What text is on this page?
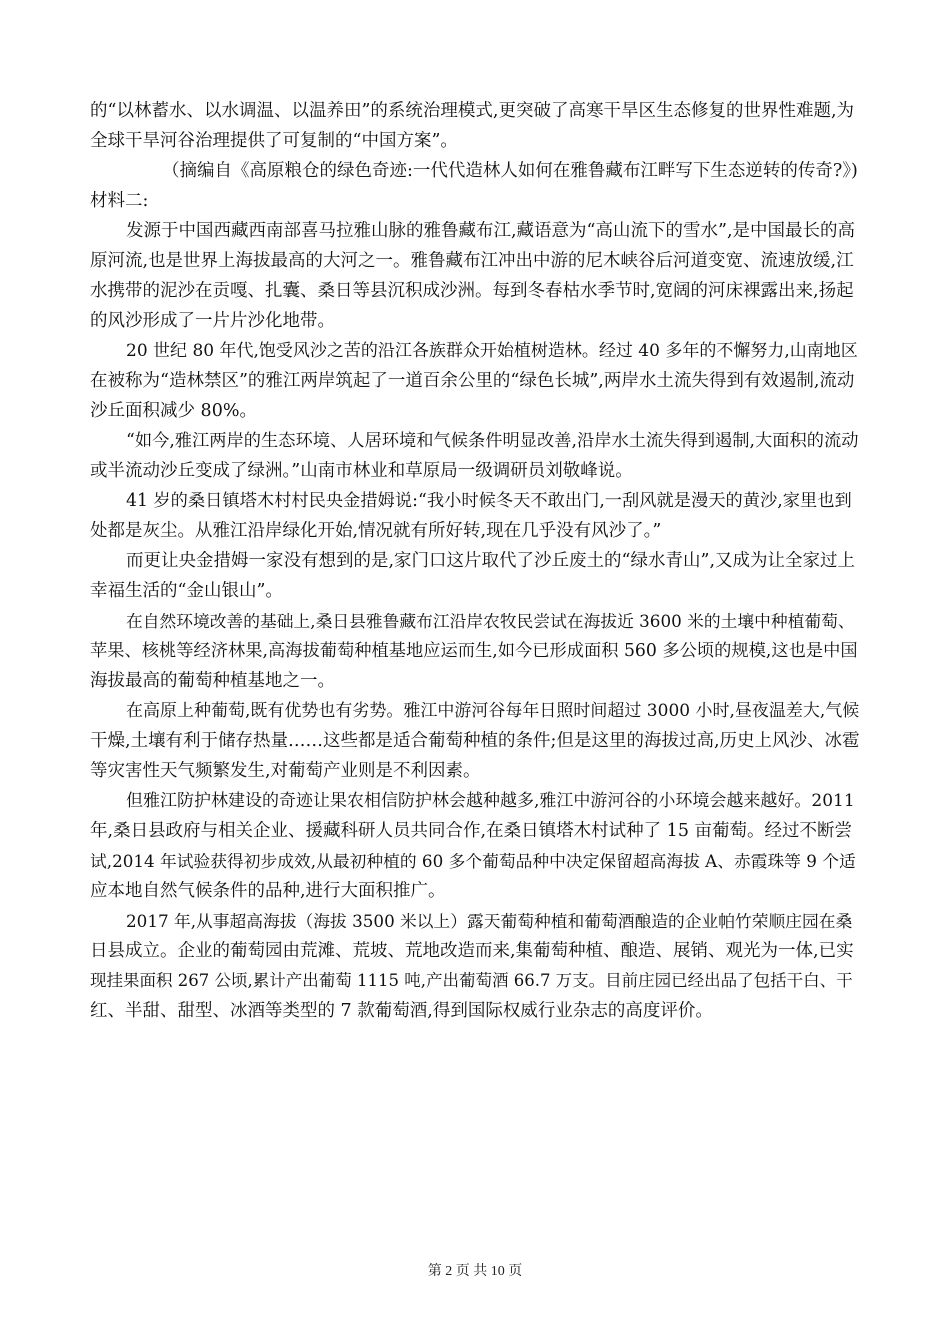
的“以林蓄水、以水调温、以温养田”的系统治理模式,更突破了高寒干旱区生态修复的世界性难题,为
全球干旱河谷治理提供了可复制的“中国方案”。
（摘编自《高原粮仓的绿色奇迹:一代代造林人如何在雅鲁藏布江畔写下生态逆转的传奇?》)
材料二:
发源于中国西藏西南部喜马拉雅山脉的雅鲁藏布江,藏语意为“高山流下的雪水”,是中国最长的高
原河流,也是世界上海拔最高的大河之一。雅鲁藏布江冲出中游的尼木峡谷后河道变宽、流速放缓,江
水携带的泥沙在贡嘎、扎囊、桑日等县沉积成沙洲。每到冬春枯水季节时,宽阔的河床裸露出来,扬起
的风沙形成了一片片沙化地带。
20 世纪 80 年代,饱受风沙之苦的沿江各族群众开始植树造林。经过 40 多年的不懈努力,山南地区
在被称为“造林禁区”的雅江两岸筑起了一道百余公里的“绿色长城”,两岸水土流失得到有效遏制,流动
沙丘面积减少 80%。
“如今,雅江两岸的生态环境、人居环境和气候条件明显改善,沿岸水土流失得到遏制,大面积的流动
或半流动沙丘变成了绿洲。”山南市林业和草原局一级调研员刘敬峰说。
41 岁的桑日镇塔木村村民央金措姆说:“我小时候冬天不敢出门,一刮风就是漫天的黄沙,家里也到
处都是灰尘。从雅江沿岸绿化开始,情况就有所好转,现在几乎没有风沙了。”
而更让央金措姆一家没有想到的是,家门口这片取代了沙丘废土的“绿水青山”,又成为让全家过上
幸福生活的“金山银山”。
在自然环境改善的基础上,桑日县雅鲁藏布江沿岸农牧民尝试在海拔近 3600 米的土壤中种植葡萄、
苹果、核桃等经济林果,高海拔葡萄种植基地应运而生,如今已形成面积 560 多公顷的规模,这也是中国
海拔最高的葡萄种植基地之一。
在高原上种葡萄,既有优势也有劣势。雅江中游河谷每年日照时间超过 3000 小时,昼夜温差大,气候
干燥,土壤有利于储存热量……这些都是适合葡萄种植的条件;但是这里的海拔过高,历史上风沙、冰雹
等灾害性天气频繁发生,对葡萄产业则是不利因素。
但雅江防护林建设的奇迹让果农相信防护林会越种越多,雅江中游河谷的小环境会越来越好。2011
年,桑日县政府与相关企业、援藏科研人员共同合作,在桑日镇塔木村试种了 15 亩葡萄。经过不断尝
试,2014 年试验获得初步成效,从最初种植的 60 多个葡萄品种中决定保留超高海拔 A、赤霞珠等 9 个适
应本地自然气候条件的品种,进行大面积推广。
2017 年,从事超高海拔（海拔 3500 米以上）露天葡萄种植和葡萄酒酿造的企业帕竹荣顺庄园在桑
日县成立。企业的葡萄园由荒滩、荒坡、荒地改造而来,集葡萄种植、酿造、展销、观光为一体,已实
现挂果面积 267 公顷,累计产出葡萄 1115 吨,产出葡萄酒 66.7 万支。目前庄园已经出品了包括干白、干
红、半甜、甜型、冰酒等类型的 7 款葡萄酒,得到国际权威行业杂志的高度评价。
第 2 页 共 10 页
